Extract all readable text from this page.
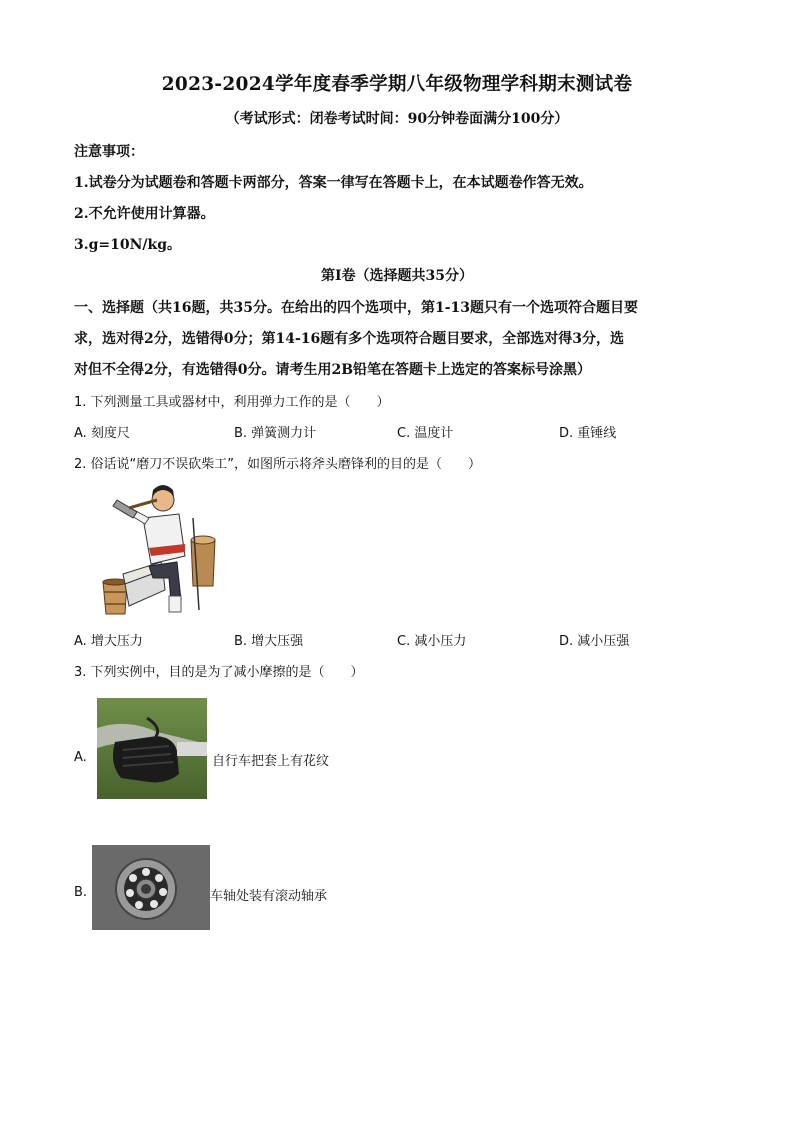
2023-2024学年度春季学期八年级物理学科期末测试卷
（考试形式：闭卷考试时间：90分钟卷面满分100分）
注意事项：
1.试卷分为试题卷和答题卡两部分，答案一律写在答题卡上，在本试题卷作答无效。
2.不允许使用计算器。
3.g=10N/kg。
第Ⅰ卷（选择题共35分）
一、选择题（共16题，共35分。在给出的四个选项中，第1-13题只有一个选项符合题目要
求，选对得2分，选错得0分；第14-16题有多个选项符合题目要求，全部选对得3分，选
对但不全得2分，有选错得0分。请考生用2B铅笔在答题卡上选定的答案标号涂黑）
1. 下列测量工具或器材中，利用弹力工作的是（　　）
A. 刻度尺	B. 弹簧测力计	C. 温度计	D. 重锤线
2. 俗话说“磨刀不误砍柴工”，如图所示将斧头磨锋利的目的是（　　）
A. 增大压力	B. 增大压强	C. 减小压力	D. 减小压强
3. 下列实例中，目的是为了减小摩擦的是（　　）
A.	自行车把套上有花纹
B.	车轴处装有滚动轴承
